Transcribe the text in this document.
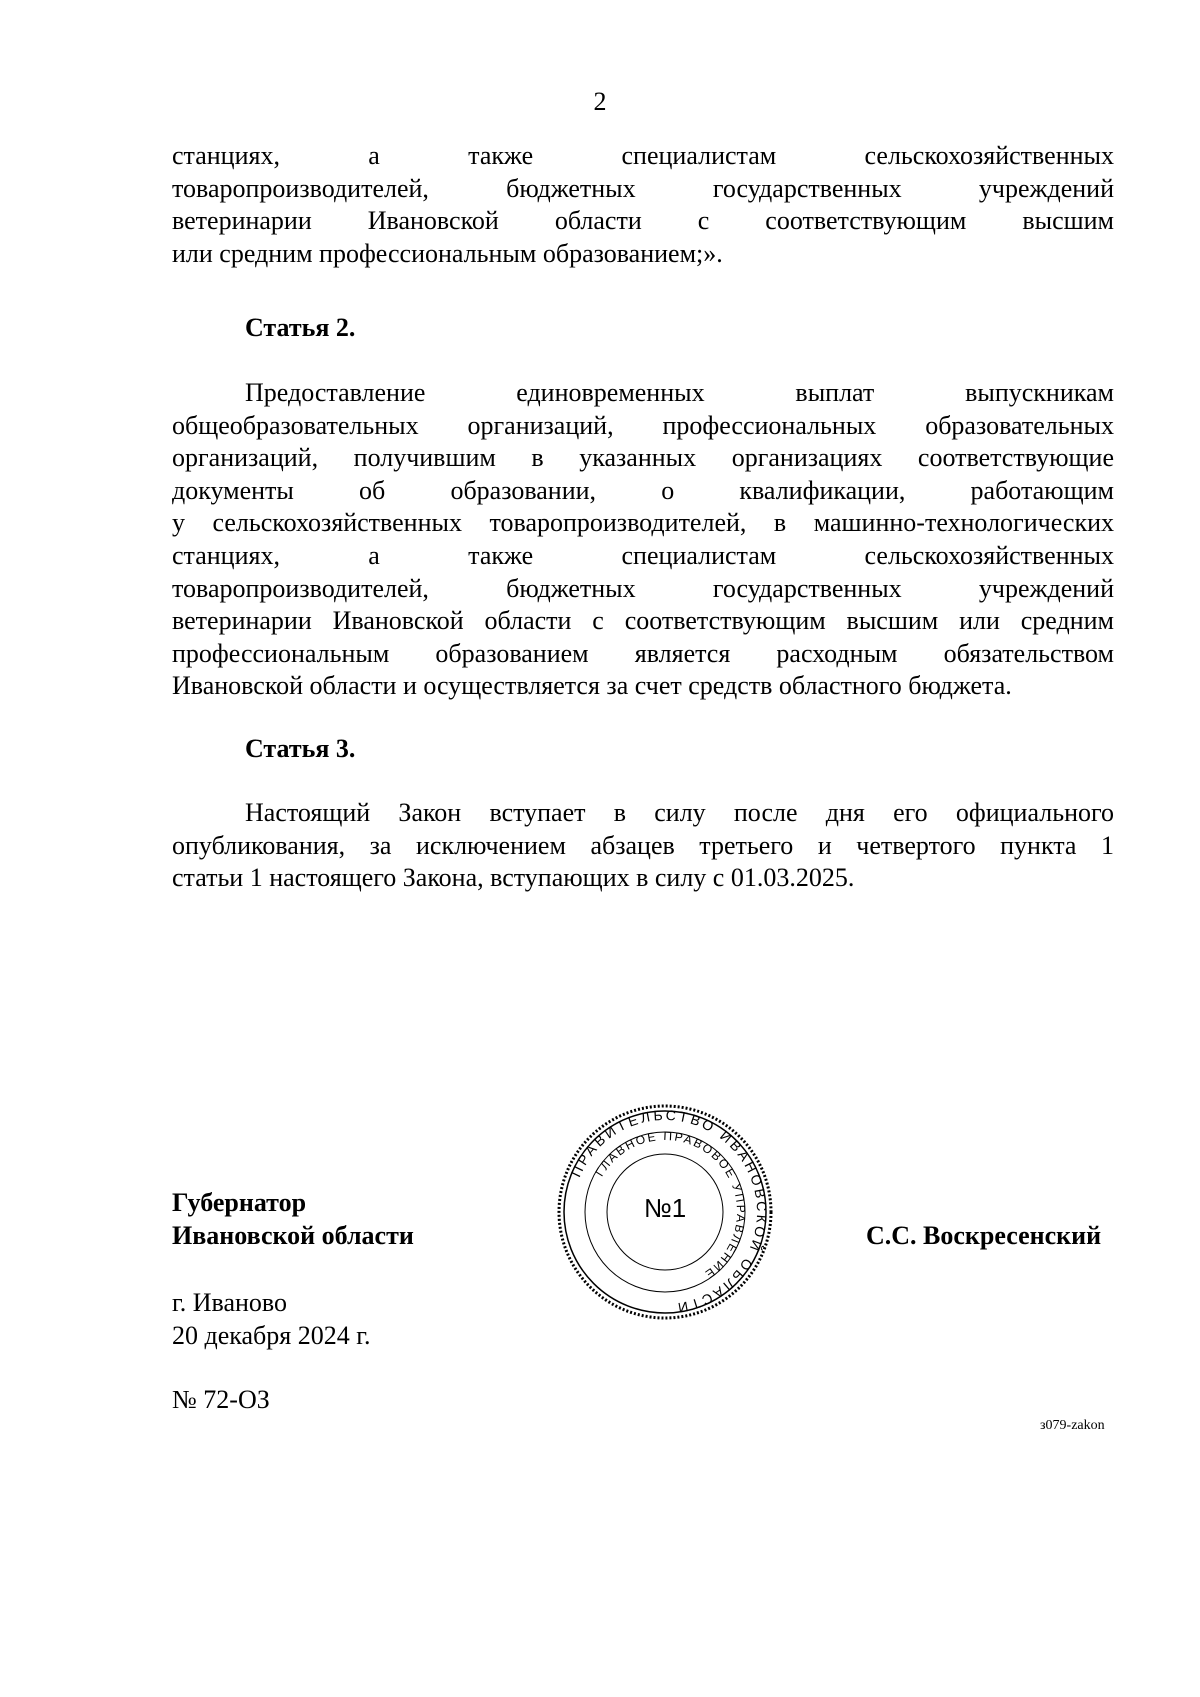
2

станциях, а также специалистам сельскохозяйственных
товаропроизводителей, бюджетных государственных учреждений
ветеринарии Ивановской области с соответствующим высшим
или средним профессиональным образованием;».

Статья 2.

Предоставление единовременных выплат выпускникам
общеобразовательных организаций, профессиональных образовательных
организаций, получившим в указанных организациях соответствующие
документы об образовании, о квалификации, работающим
у сельскохозяйственных товаропроизводителей, в машинно-технологических
станциях, а также специалистам сельскохозяйственных
товаропроизводителей, бюджетных государственных учреждений
ветеринарии Ивановской области с соответствующим высшим или средним
профессиональным образованием является расходным обязательством
Ивановской области и осуществляется за счет средств областного бюджета.

Статья 3.

Настоящий Закон вступает в силу после дня его официального
опубликования, за исключением абзацев третьего и четвертого пункта 1
статьи 1 настоящего Закона, вступающих в силу с 01.03.2025.

Губернатор
Ивановской области
ПРАВИТЕЛЬСТВО ИВАНОВСКОЙ ОБЛАСТИ
ГЛАВНОЕ ПРАВОВОЕ УПРАВЛЕНИЕ
№1
С.С. Воскресенский
г. Иваново
20 декабря 2024 г.
№ 72-ОЗ
з079-zakon
